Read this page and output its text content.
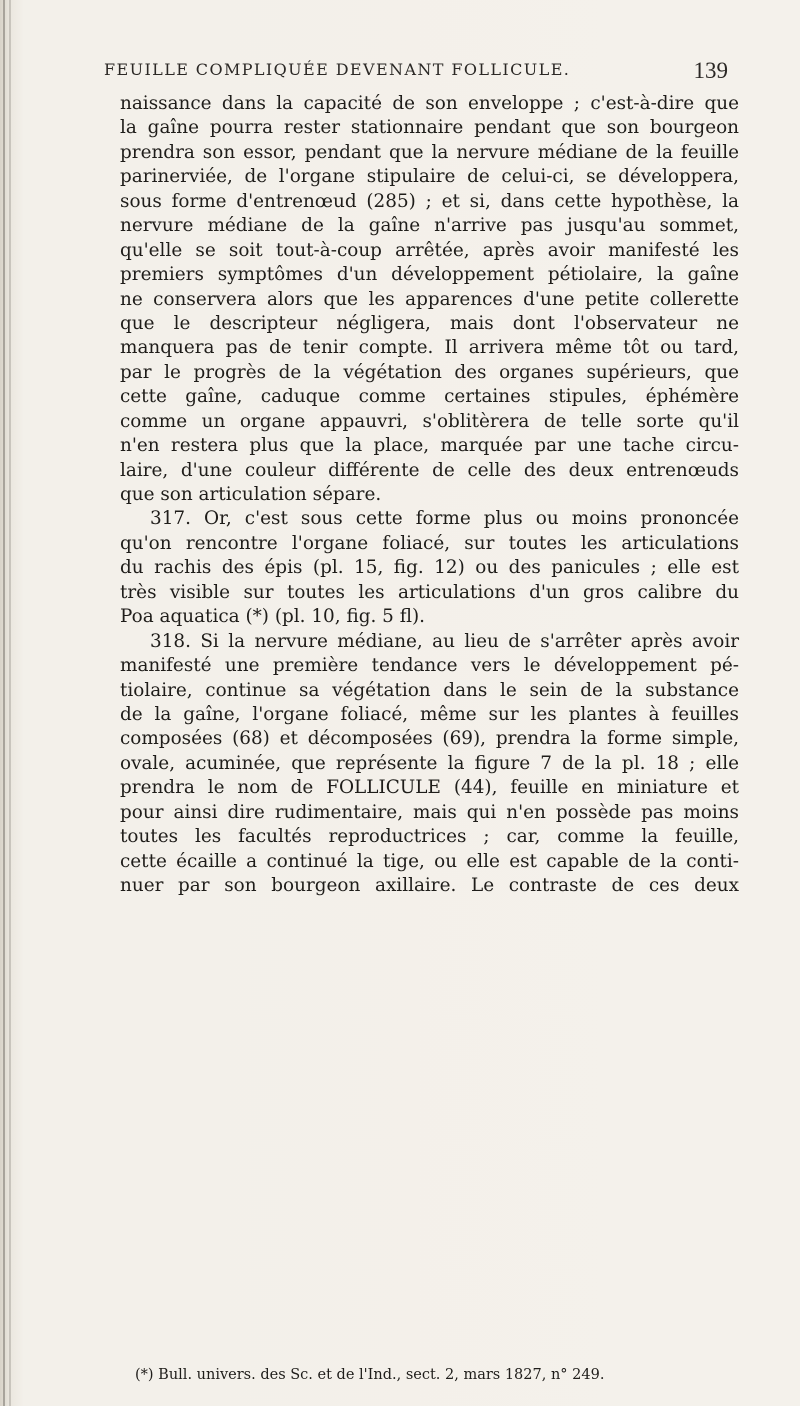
FEUILLE COMPLIQUÉE DEVENANT FOLLICULE.	139
naissance dans la capacité de son enveloppe ; c'est-à-dire que
la gaîne pourra rester stationnaire pendant que son bourgeon
prendra son essor, pendant que la nervure médiane de la feuille
parinerviée, de l'organe stipulaire de celui-ci, se développera,
sous forme d'entrenœud (285) ; et si, dans cette hypothèse, la
nervure médiane de la gaîne n'arrive pas jusqu'au sommet,
qu'elle se soit tout-à-coup arrêtée, après avoir manifesté les
premiers symptômes d'un développement pétiolaire, la gaîne
ne conservera alors que les apparences d'une petite collerette
que le descripteur négligera, mais dont l'observateur ne
manquera pas de tenir compte. Il arrivera même tôt ou tard,
par le progrès de la végétation des organes supérieurs, que
cette gaîne, caduque comme certaines stipules, éphémère
comme un organe appauvri, s'oblitèrera de telle sorte qu'il
n'en restera plus que la place, marquée par une tache circu-
laire, d'une couleur différente de celle des deux entrenœuds
que son articulation sépare.
317. Or, c'est sous cette forme plus ou moins prononcée
qu'on rencontre l'organe foliacé, sur toutes les articulations
du rachis des épis (pl. 15, fig. 12) ou des panicules ; elle est
très visible sur toutes les articulations d'un gros calibre du
Poa aquatica (*) (pl. 10, fig. 5 fl).
318. Si la nervure médiane, au lieu de s'arrêter après avoir
manifesté une première tendance vers le développement pé-
tiolaire, continue sa végétation dans le sein de la substance
de la gaîne, l'organe foliacé, même sur les plantes à feuilles
composées (68) et décomposées (69), prendra la forme simple,
ovale, acuminée, que représente la figure 7 de la pl. 18 ; elle
prendra le nom de FOLLICULE (44), feuille en miniature et
pour ainsi dire rudimentaire, mais qui n'en possède pas moins
toutes les facultés reproductrices ; car, comme la feuille,
cette écaille a continué la tige, ou elle est capable de la conti-
nuer par son bourgeon axillaire. Le contraste de ces deux
(*) Bull. univers. des Sc. et de l'Ind., sect. 2, mars 1827, n° 249.
